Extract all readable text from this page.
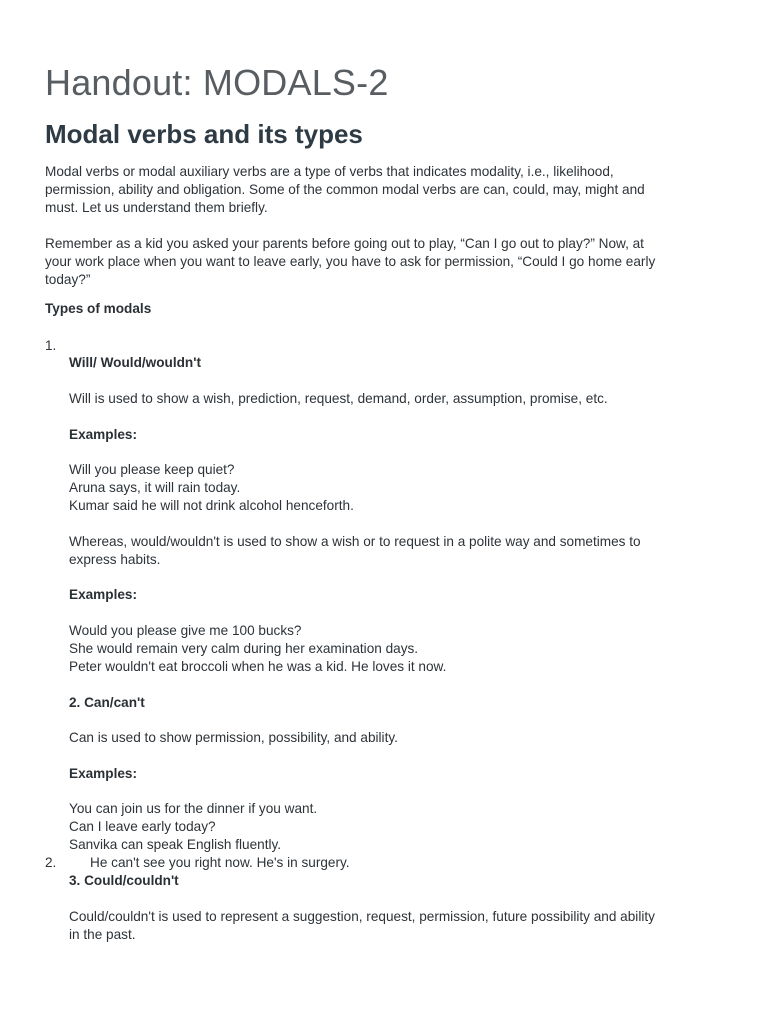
Handout: MODALS-2
Modal verbs and its types
Modal verbs or modal auxiliary verbs are a type of verbs that indicates modality, i.e., likelihood,
permission, ability and obligation. Some of the common modal verbs are can, could, may, might and
must. Let us understand them briefly.
Remember as a kid you asked your parents before going out to play, “Can I go out to play?” Now, at
your work place when you want to leave early, you have to ask for permission, “Could I go home early
today?”
Types of modals
1.
Will/ Would/wouldn't
Will is used to show a wish, prediction, request, demand, order, assumption, promise, etc.
Examples:
Will you please keep quiet?
Aruna says, it will rain today.
Kumar said he will not drink alcohol henceforth.
Whereas, would/wouldn't is used to show a wish or to request in a polite way and sometimes to
express habits.
Examples:
Would you please give me 100 bucks?
She would remain very calm during her examination days.
Peter wouldn't eat broccoli when he was a kid. He loves it now.
2. Can/can't
Can is used to show permission, possibility, and ability.
Examples:
You can join us for the dinner if you want.
Can I leave early today?
Sanvika can speak English fluently.
2. He can't see you right now. He's in surgery.
3. Could/couldn't
Could/couldn't is used to represent a suggestion, request, permission, future possibility and ability
in the past.
